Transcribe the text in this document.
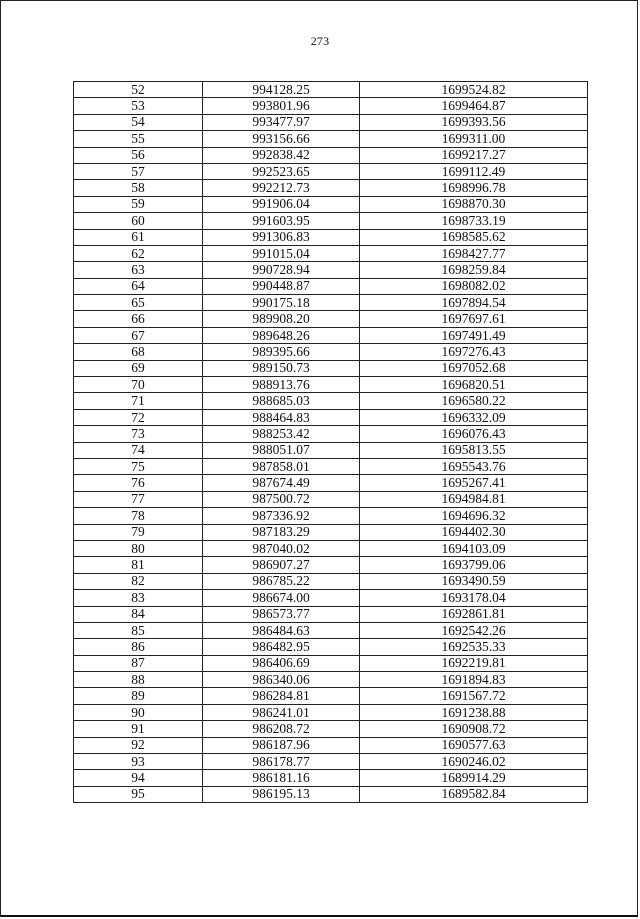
273
52	994128.25	1699524.82
53	993801.96	1699464.87
54	993477.97	1699393.56
55	993156.66	1699311.00
56	992838.42	1699217.27
57	992523.65	1699112.49
58	992212.73	1698996.78
59	991906.04	1698870.30
60	991603.95	1698733.19
61	991306.83	1698585.62
62	991015.04	1698427.77
63	990728.94	1698259.84
64	990448.87	1698082.02
65	990175.18	1697894.54
66	989908.20	1697697.61
67	989648.26	1697491.49
68	989395.66	1697276.43
69	989150.73	1697052.68
70	988913.76	1696820.51
71	988685.03	1696580.22
72	988464.83	1696332.09
73	988253.42	1696076.43
74	988051.07	1695813.55
75	987858.01	1695543.76
76	987674.49	1695267.41
77	987500.72	1694984.81
78	987336.92	1694696.32
79	987183.29	1694402.30
80	987040.02	1694103.09
81	986907.27	1693799.06
82	986785.22	1693490.59
83	986674.00	1693178.04
84	986573.77	1692861.81
85	986484.63	1692542.26
86	986482.95	1692535.33
87	986406.69	1692219.81
88	986340.06	1691894.83
89	986284.81	1691567.72
90	986241.01	1691238.88
91	986208.72	1690908.72
92	986187.96	1690577.63
93	986178.77	1690246.02
94	986181.16	1689914.29
95	986195.13	1689582.84
